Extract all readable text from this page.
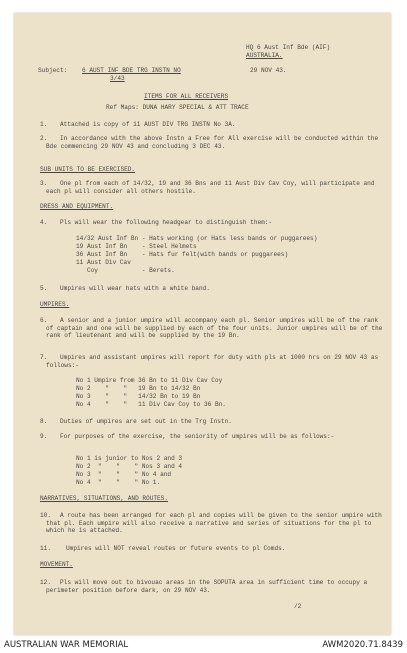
HQ 6 Aust Inf Bde (AIF)
AUSTRALIA.
Subject: 6 AUST INF BDE TRG INSTN NO
3/43
29 NOV 43.
ITEMS FOR ALL RECEIVERS
Ref Maps: DUNA HARY SPECIAL & ATT TRACE
1. Attached is copy of 11 AUST DIV TRG INSTN No 3A.
2.	In accordance with the above Instn a Free for All exercise will be conducted within the Bde commencing 29 NOV 43 and concluding 3 DEC 43.
SUB UNITS TO BE EXERCISED.
3.	One pl from each of 14/32, 19 and 36 Bns and 11 Aust Div Cav Coy, will participate and each pl will consider all others hostile.
DRESS AND EQUIPMENT.
4. Pls will wear the following headgear to distinguish them:-
14/32 Aust Inf Bn - Hats working (or Hats less bands or puggarees)
19 Aust Inf Bn    - Steel Helmets
36 Aust Inf Bn    - Hats fur felt(with bands or puggarees)
11 Aust Div Cav
Coy            - Berets.
5. Umpires will wear hats with a white band.
UMPIRES.
6.	A senior and a junior umpire will accompany each pl. Senior umpires will be of the rank of captain and one will be supplied by each of the four units. Junior umpires will be of the rank of lieutenant and will be supplied by the 19 Bn.
7.	Umpires and assistant umpires will report for duty with pls at 1000 hrs on 29 NOV 43 as follows:-
No 1 Umpire from 36 Bn to 11 Div Cav Coy
No 2    "    "   19 Bn to 14/32 Bn
No 3    "    "   14/32 Bn to 19 Bn
No 4    "    "   11 Div Cav Coy to 36 Bn.
8. Duties of umpires are set out in the Trg Instn.
9.	For purposes of the exercise, the seniority of umpires will be as follows:-
No 1 is junior to Nos 2 and 3
No 2  "    "    " Nos 3 and 4
No 3  "    "    " No 4 and
No 4  "    "    " No 1.
NARRATIVES, SITUATIONS, AND ROUTES.
10.	A route has been arranged for each pl and copies will be given to the senior umpire with that pl. Each umpire will also receive a narrative and series of situations for the pl to which he is attached.
11. Umpires will NOT reveal routes or future events to pl Comds.
MOVEMENT.
12.	Pls will move out to bivouac areas in the SOPUTA area in sufficient time to occupy a perimeter position before dark, on 29 NOV 43.
/2
AUSTRALIAN WAR MEMORIAL	AWM2020.71.8439
